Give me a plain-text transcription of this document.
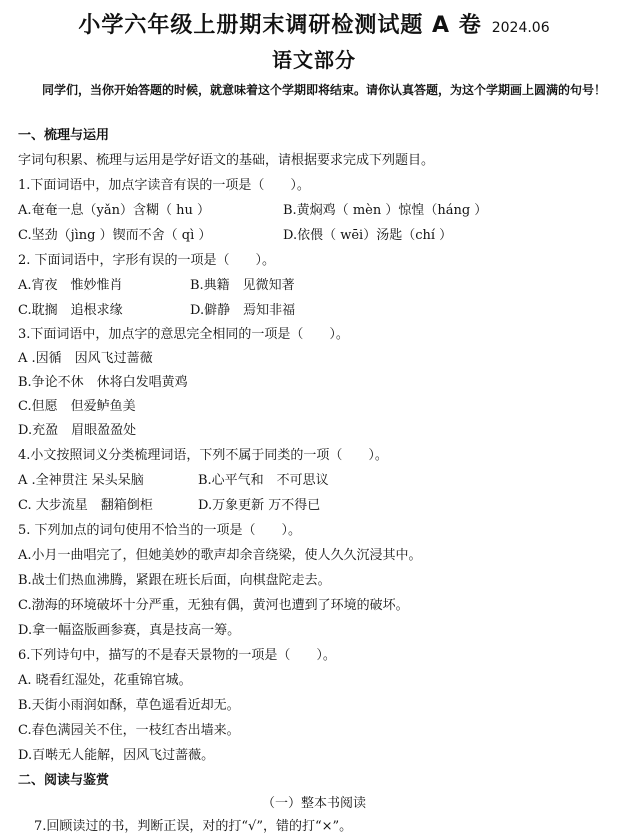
小学六年级上册期末调研检测试题 A 卷 2024.06
语文部分
同学们，当你开始答题的时候，就意味着这个学期即将结束。请你认真答题，为这个学期画上圆满的句号！
一、梳理与运用
字词句积累、梳理与运用是学好语文的基础，请根据要求完成下列题目。
1.下面词语中，加点字读音有误的一项是（　　）。
A.奄奄一息（yǎn）含糊（ hu ）	B.黄焖鸡（ mèn ）惊惶（háng ）
C.坚劲（jìng ）锲而不舍（ qì ）	D.依偎（ wēi）汤匙（chí ）
2. 下面词语中，字形有误的一项是（　　）。
A.宵夜　惟妙惟肖	B.典籍　见微知著
C.耽搁　追根求缘	D.僻静　焉知非福
3.下面词语中，加点字的意思完全相同的一项是（　　）。
A .因循　因风飞过蔷薇
B.争论不休　休将白发唱黄鸡
C.但愿　但爱鲈鱼美
D.充盈　眉眼盈盈处
4.小文按照词义分类梳理词语，下列不属于同类的一项（　　）。
A .全神贯注 呆头呆脑	B.心平气和　不可思议
C. 大步流星　翻箱倒柜	D.万象更新 万不得已
5. 下列加点的词句使用不恰当的一项是（　　）。
A.小月一曲唱完了，但她美妙的歌声却余音绕梁，使人久久沉浸其中。
B.战士们热血沸腾，紧跟在班长后面，向棋盘陀走去。
C.渤海的环境破坏十分严重，无独有偶，黄河也遭到了环境的破坏。
D.拿一幅盗版画参赛，真是技高一筹。
6.下列诗句中，描写的不是春天景物的一项是（　　）。
A. 晓看红湿处，花重锦官城。
B.天街小雨润如酥，草色遥看近却无。
C.春色满园关不住，一枝红杏出墙来。
D.百啭无人能解，因风飞过蔷薇。
二、阅读与鉴赏
（一）整本书阅读
7.回顾读过的书，判断正误，对的打“√”，错的打“×”。
